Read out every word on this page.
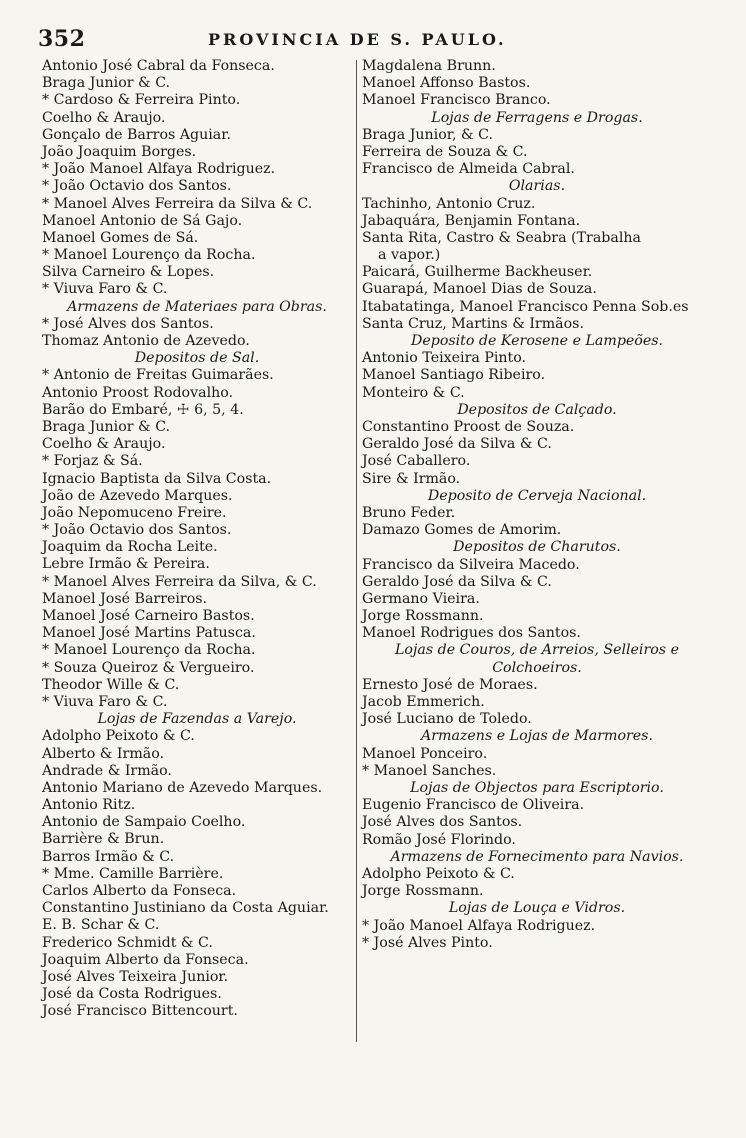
352	PROVINCIA DE S. PAULO.
Antonio José Cabral da Fonseca.
Braga Junior & C.
* Cardoso & Ferreira Pinto.
Coelho & Araujo.
Gonçalo de Barros Aguiar.
João Joaquim Borges.
* João Manoel Alfaya Rodriguez.
* João Octavio dos Santos.
* Manoel Alves Ferreira da Silva & C.
Manoel Antonio de Sá Gajo.
Manoel Gomes de Sá.
* Manoel Lourenço da Rocha.
Silva Carneiro & Lopes.
* Viuva Faro & C.
Armazens de Materiaes para Obras.
* José Alves dos Santos.
Thomaz Antonio de Azevedo.
Depositos de Sal.
* Antonio de Freitas Guimarães.
Antonio Proost Rodovalho.
Barão do Embaré, ☩ 6, 5, 4.
Braga Junior & C.
Coelho & Araujo.
* Forjaz & Sá.
Ignacio Baptista da Silva Costa.
João de Azevedo Marques.
João Nepomuceno Freire.
* João Octavio dos Santos.
Joaquim da Rocha Leite.
Lebre Irmão & Pereira.
* Manoel Alves Ferreira da Silva, & C.
Manoel José Barreiros.
Manoel José Carneiro Bastos.
Manoel José Martins Patusca.
* Manoel Lourenço da Rocha.
* Souza Queiroz & Vergueiro.
Theodor Wille & C.
* Viuva Faro & C.
Lojas de Fazendas a Varejo.
Adolpho Peixoto & C.
Alberto & Irmão.
Andrade & Irmão.
Antonio Mariano de Azevedo Marques.
Antonio Ritz.
Antonio de Sampaio Coelho.
Barrière & Brun.
Barros Irmão & C.
* Mme. Camille Barrière.
Carlos Alberto da Fonseca.
Constantino Justiniano da Costa Aguiar.
E. B. Schar & C.
Frederico Schmidt & C.
Joaquim Alberto da Fonseca.
José Alves Teixeira Junior.
José da Costa Rodrigues.
José Francisco Bittencourt.
Magdalena Brunn.
Manoel Affonso Bastos.
Manoel Francisco Branco.
Lojas de Ferragens e Drogas.
Braga Junior, & C.
Ferreira de Souza & C.
Francisco de Almeida Cabral.
Olarias.
Tachinho, Antonio Cruz.
Jabaquára, Benjamin Fontana.
Santa Rita, Castro & Seabra (Trabalha
a vapor.)
Paicará, Guilherme Backheuser.
Guarapá, Manoel Dias de Souza.
Itabatatinga, Manoel Francisco Penna Sob.es
Santa Cruz, Martins & Irmãos.
Deposito de Kerosene e Lampeões.
Antonio Teixeira Pinto.
Manoel Santiago Ribeiro.
Monteiro & C.
Depositos de Calçado.
Constantino Proost de Souza.
Geraldo José da Silva & C.
José Caballero.
Sire & Irmão.
Deposito de Cerveja Nacional.
Bruno Feder.
Damazo Gomes de Amorim.
Depositos de Charutos.
Francisco da Silveira Macedo.
Geraldo José da Silva & C.
Germano Vieira.
Jorge Rossmann.
Manoel Rodrigues dos Santos.
Lojas de Couros, de Arreios, Selleiros e
Colchoeiros.
Ernesto José de Moraes.
Jacob Emmerich.
José Luciano de Toledo.
Armazens e Lojas de Marmores.
Manoel Ponceiro.
* Manoel Sanches.
Lojas de Objectos para Escriptorio.
Eugenio Francisco de Oliveira.
José Alves dos Santos.
Romão José Florindo.
Armazens de Fornecimento para Navios.
Adolpho Peixoto & C.
Jorge Rossmann.
Lojas de Louça e Vidros.
* João Manoel Alfaya Rodriguez.
* José Alves Pinto.
